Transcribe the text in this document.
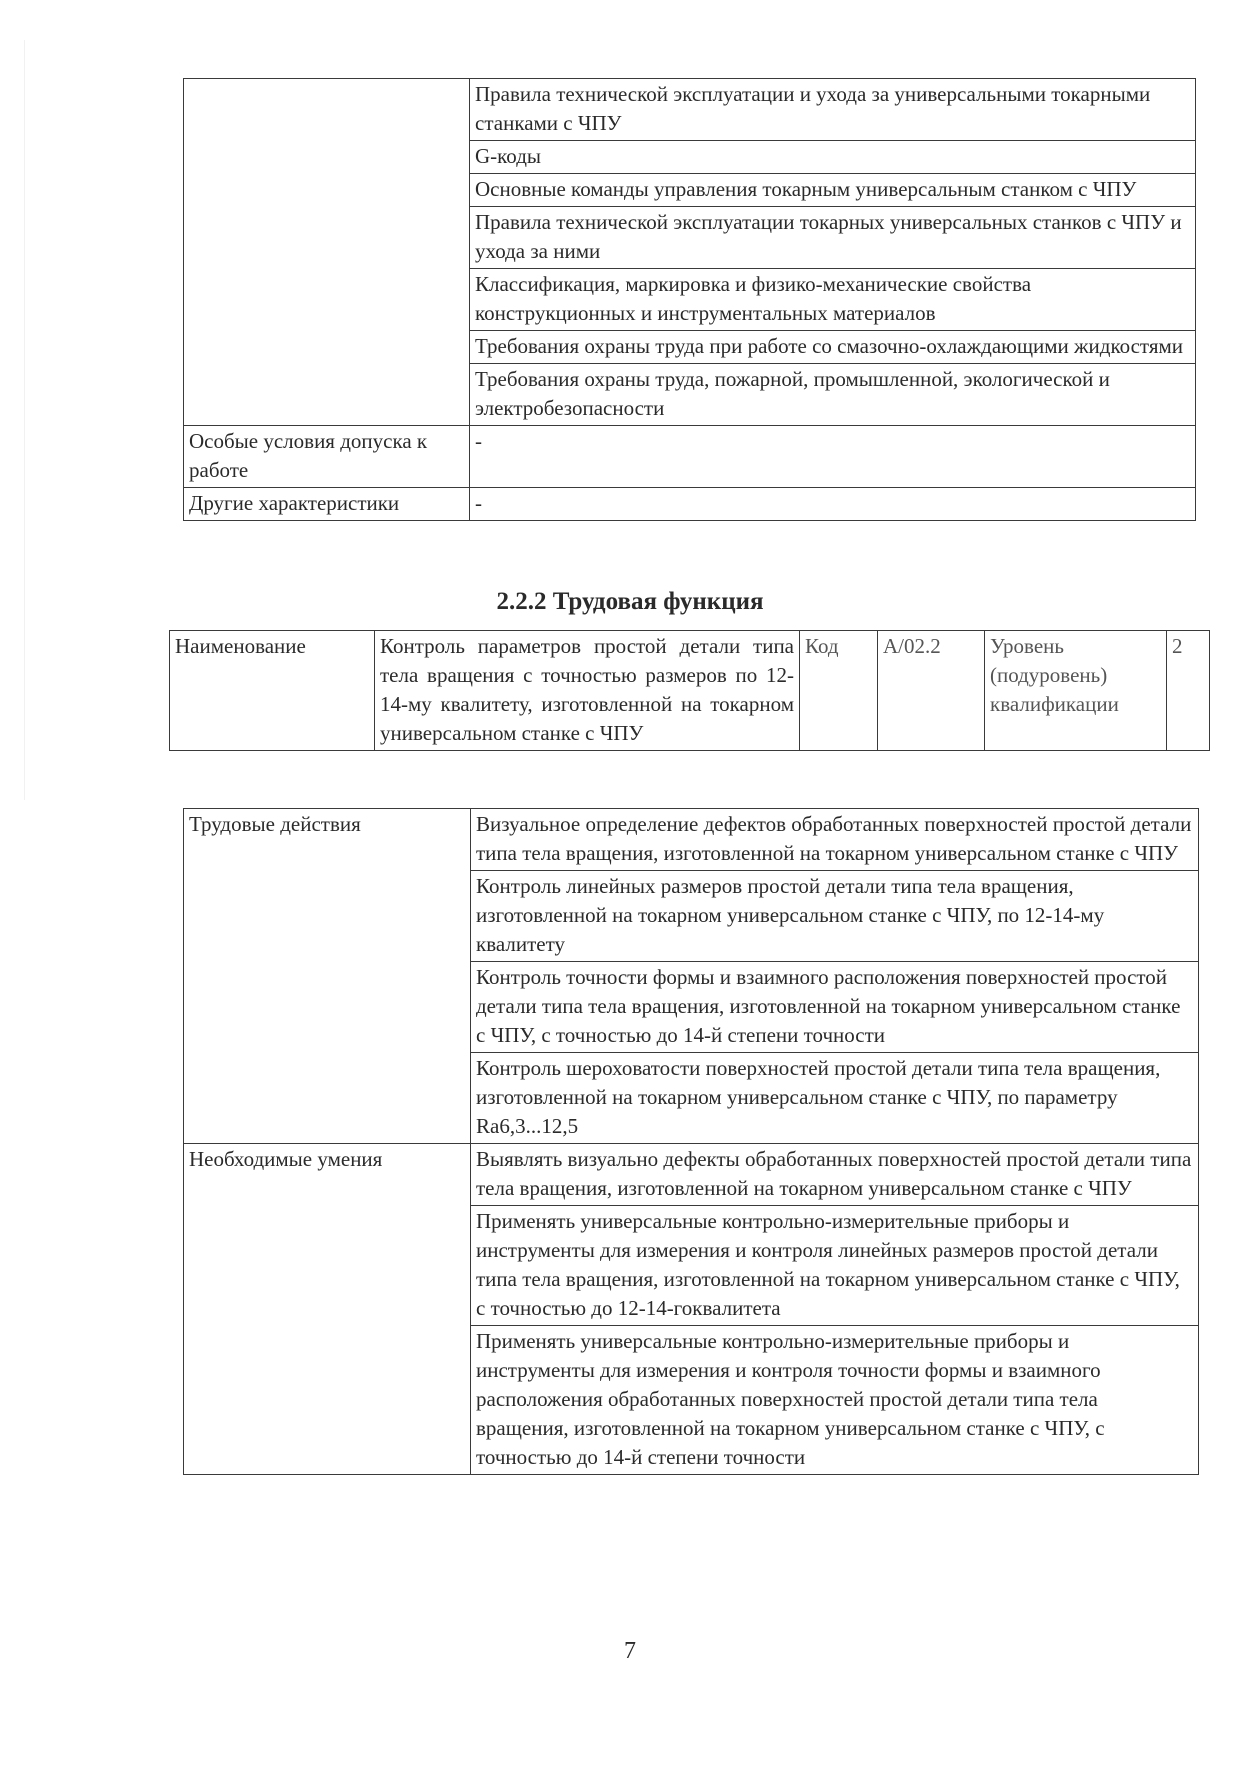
	Правила технической эксплуатации и ухода за универсальными токарными станками с ЧПУ
	G-коды
	Основные команды управления токарным универсальным станком с ЧПУ
	Правила технической эксплуатации токарных универсальных станков с ЧПУ и ухода за ними
	Классификация, маркировка и физико-механические свойства конструкционных и инструментальных материалов
	Требования охраны труда при работе со смазочно-охлаждающими жидкостями
	Требования охраны труда, пожарной, промышленной, экологической и электробезопасности
Особые условия допуска к работе	-
Другие характеристики	-
2.2.2 Трудовая функция
Наименование	Контроль параметров простой детали типа тела вращения с точностью размеров по 12-14-му квалитету, изготовленной на токарном универсальном станке с ЧПУ	Код	A/02.2	Уровень (подуровень) квалификации	2
Трудовые действия	Визуальное определение дефектов обработанных поверхностей простой детали типа тела вращения, изготовленной на токарном универсальном станке с ЧПУ
	Контроль линейных размеров простой детали типа тела вращения, изготовленной на токарном универсальном станке с ЧПУ, по 12-14-му квалитету
	Контроль точности формы и взаимного расположения поверхностей простой детали типа тела вращения, изготовленной на токарном универсальном станке с ЧПУ, с точностью до 14-й степени точности
	Контроль шероховатости поверхностей простой детали типа тела вращения, изготовленной на токарном универсальном станке с ЧПУ, по параметру Ra6,3...12,5
Необходимые умения	Выявлять визуально дефекты обработанных поверхностей простой детали типа тела вращения, изготовленной на токарном универсальном станке с ЧПУ
	Применять универсальные контрольно-измерительные приборы и инструменты для измерения и контроля линейных размеров простой детали типа тела вращения, изготовленной на токарном универсальном станке с ЧПУ, с точностью до 12-14-гоквалитета
	Применять универсальные контрольно-измерительные приборы и инструменты для измерения и контроля точности формы и взаимного расположения обработанных поверхностей простой детали типа тела вращения, изготовленной на токарном универсальном станке с ЧПУ, с точностью до 14-й степени точности
7
